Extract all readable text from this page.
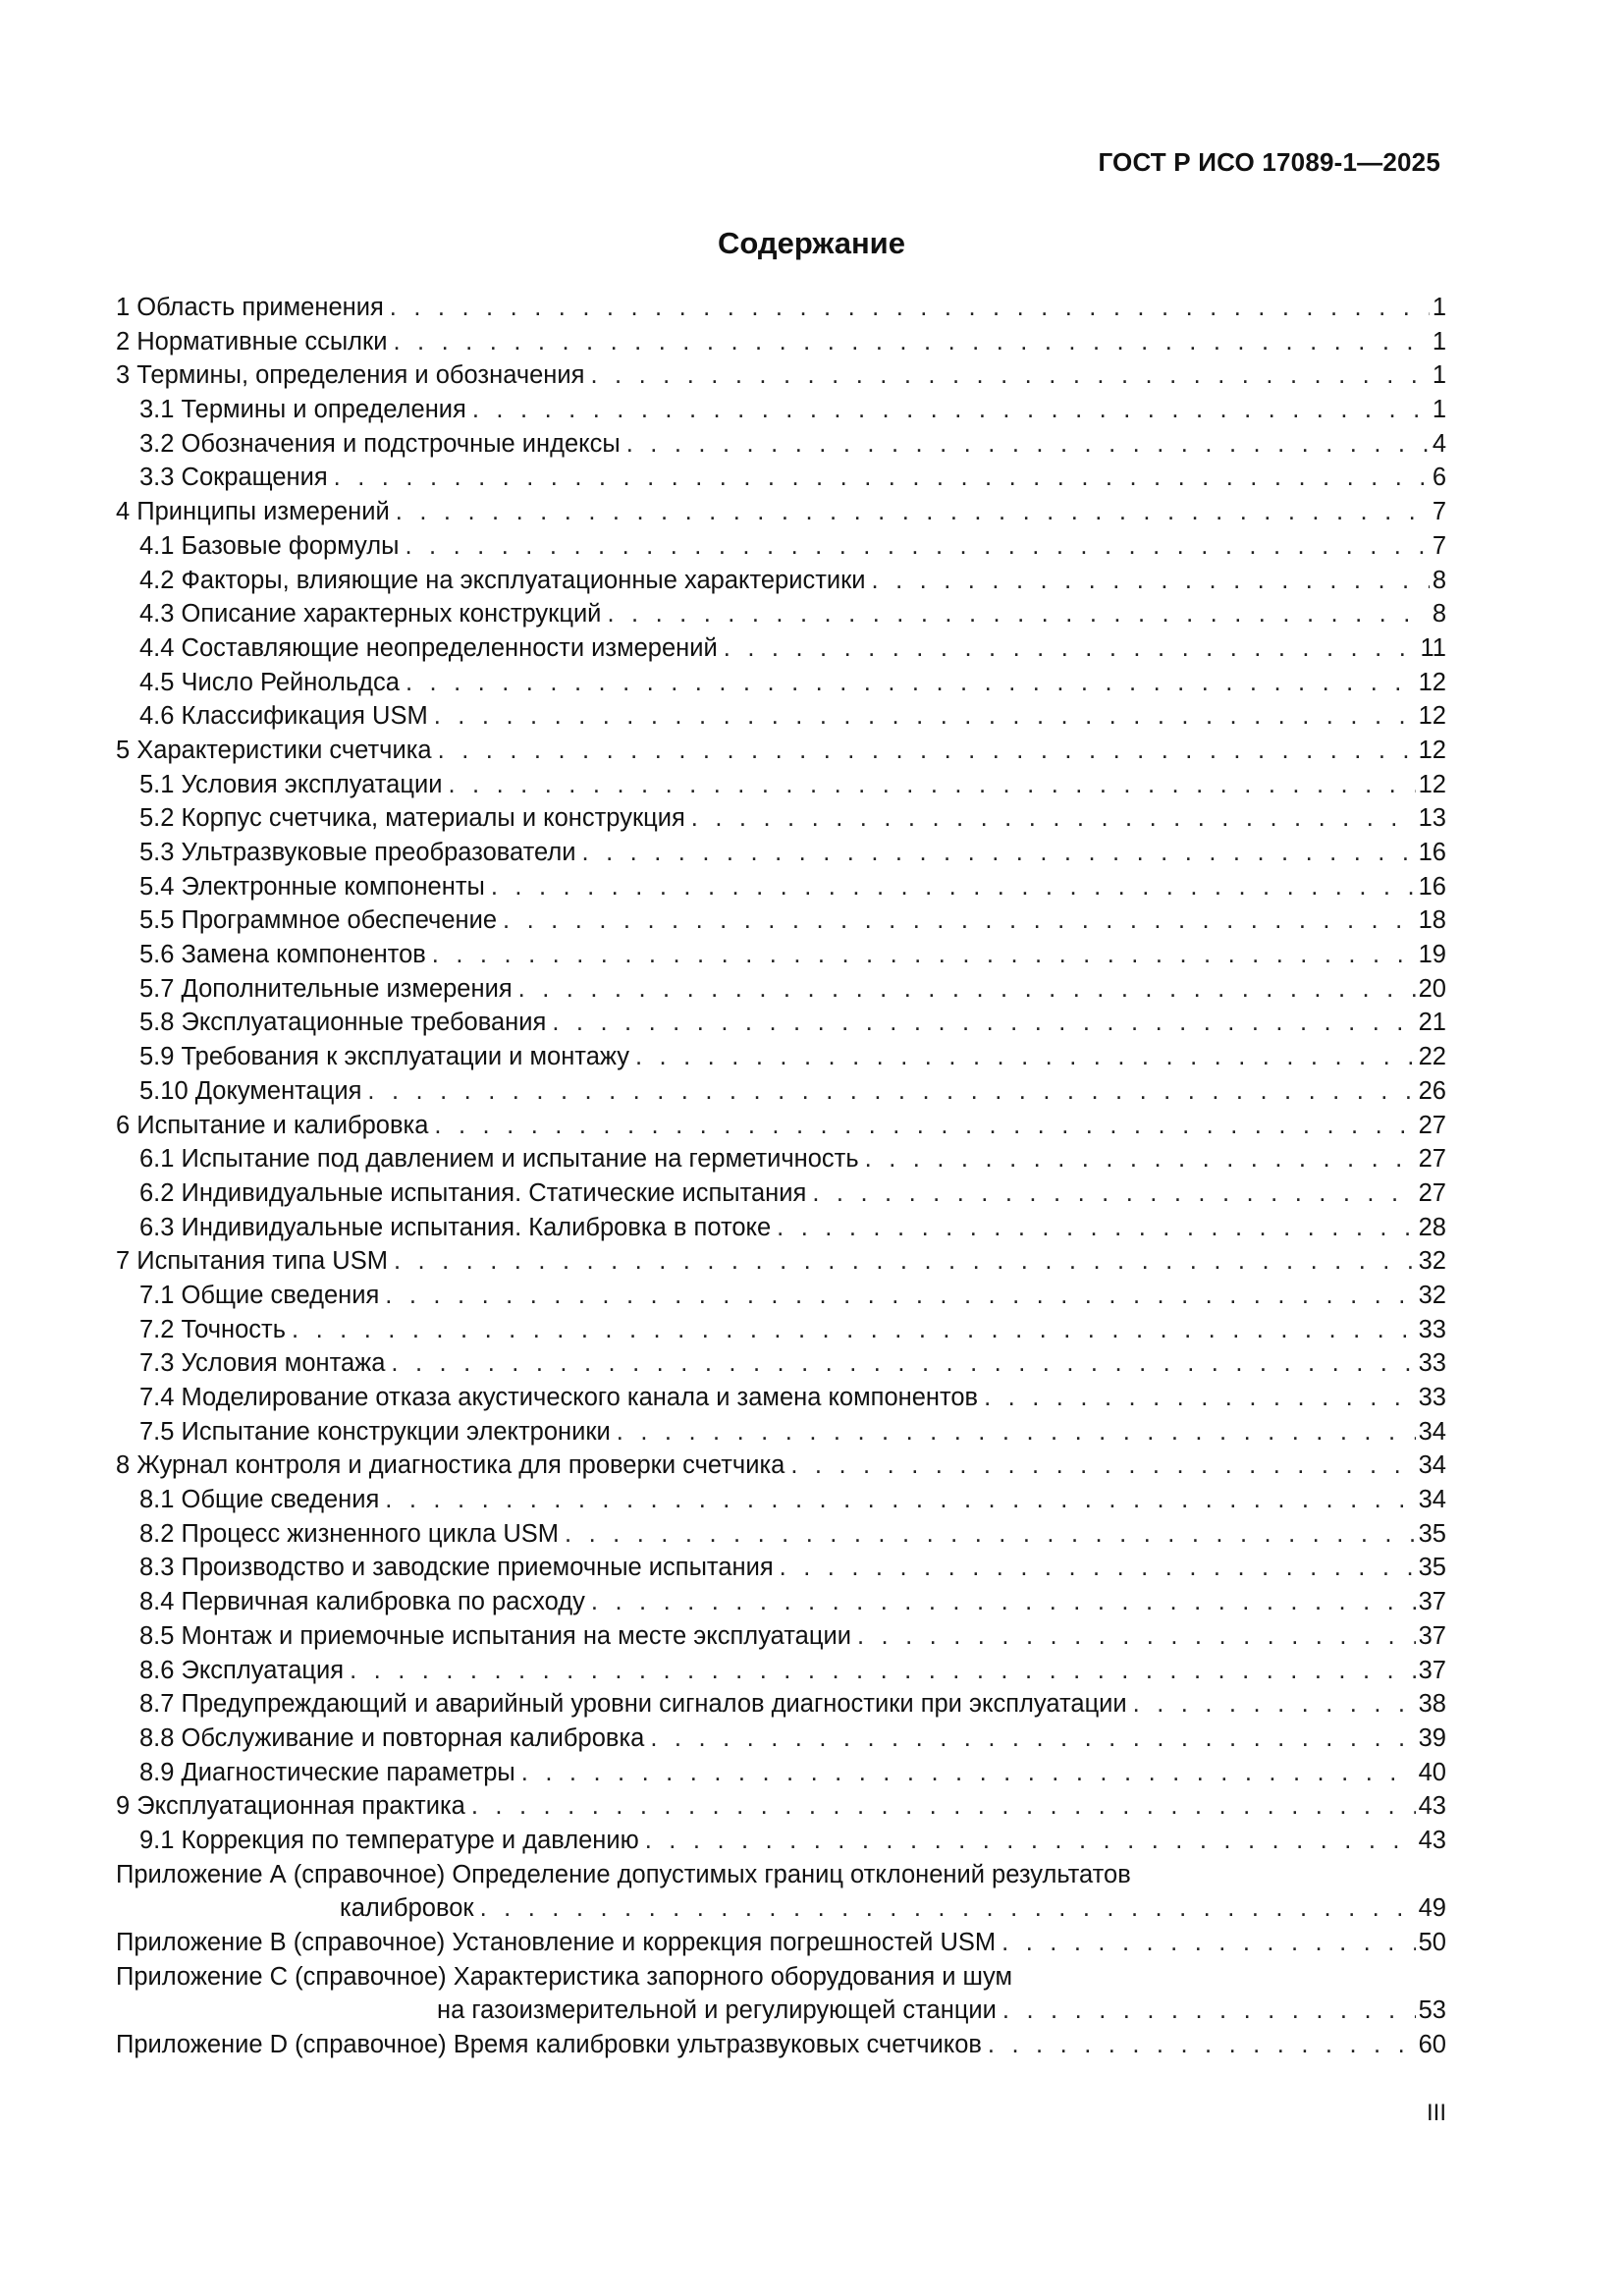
ГОСТ Р ИСО 17089-1—2025
Содержание
1 Область применения . . .	1
2 Нормативные ссылки . . .	1
3 Термины, определения и обозначения . . .	1
3.1 Термины и определения . . .	1
3.2 Обозначения и подстрочные индексы . . .	4
3.3 Сокращения . . .	6
4 Принципы измерений . . .	7
4.1 Базовые формулы . . .	7
4.2 Факторы, влияющие на эксплуатационные характеристики . . .	8
4.3 Описание характерных конструкций . . .	8
4.4 Составляющие неопределенности измерений . . .	11
4.5 Число Рейнольдса . . .	12
4.6 Классификация USM . . .	12
5 Характеристики счетчика . . .	12
5.1 Условия эксплуатации . . .	12
5.2 Корпус счетчика, материалы и конструкция . . .	13
5.3 Ультразвуковые преобразователи . . .	16
5.4 Электронные компоненты . . .	16
5.5 Программное обеспечение . . .	18
5.6 Замена компонентов . . .	19
5.7 Дополнительные измерения . . .	20
5.8 Эксплуатационные требования . . .	21
5.9 Требования к эксплуатации и монтажу . . .	22
5.10 Документация . . .	26
6 Испытание и калибровка . . .	27
6.1 Испытание под давлением и испытание на герметичность . . .	27
6.2 Индивидуальные испытания. Статические испытания . . .	27
6.3 Индивидуальные испытания. Калибровка в потоке . . .	28
7 Испытания типа USM . . .	32
7.1 Общие сведения . . .	32
7.2 Точность . . .	33
7.3 Условия монтажа . . .	33
7.4 Моделирование отказа акустического канала и замена компонентов . . .	33
7.5 Испытание конструкции электроники . . .	34
8 Журнал контроля и диагностика для проверки счетчика . . .	34
8.1 Общие сведения . . .	34
8.2 Процесс жизненного цикла USM . . .	35
8.3 Производство и заводские приемочные испытания . . .	35
8.4 Первичная калибровка по расходу . . .	37
8.5 Монтаж и приемочные испытания на месте эксплуатации . . .	37
8.6 Эксплуатация . . .	37
8.7 Предупреждающий и аварийный уровни сигналов диагностики при эксплуатации . . .	38
8.8 Обслуживание и повторная калибровка . . .	39
8.9 Диагностические параметры . . .	40
9 Эксплуатационная практика . . .	43
9.1 Коррекция по температуре и давлению . . .	43
Приложение А (справочное) Определение допустимых границ отклонений результатов
калибровок . . .	49
Приложение В (справочное) Установление и коррекция погрешностей USM . . .	50
Приложение С (справочное) Характеристика запорного оборудования и шум
на газоизмерительной и регулирующей станции . . .	53
Приложение D (справочное) Время калибровки ультразвуковых счетчиков . . .	60
III
